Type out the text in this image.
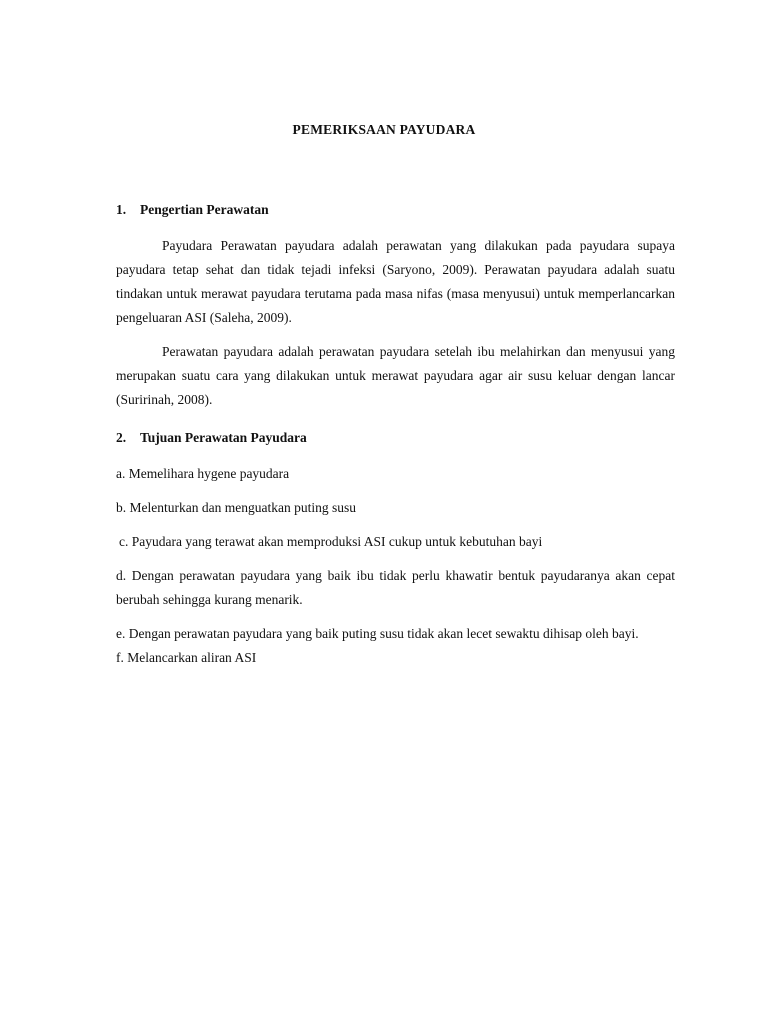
PEMERIKSAAN PAYUDARA
1.	Pengertian Perawatan

Payudara Perawatan payudara adalah perawatan yang dilakukan pada payudara supaya payudara tetap sehat dan tidak tejadi infeksi (Saryono, 2009). Perawatan payudara adalah suatu tindakan untuk merawat payudara terutama pada masa nifas (masa menyusui) untuk memperlancarkan pengeluaran ASI (Saleha, 2009).

Perawatan payudara adalah perawatan payudara setelah ibu melahirkan dan menyusui yang merupakan suatu cara yang dilakukan untuk merawat payudara agar air susu keluar dengan lancar (Suririnah, 2008).

2.	Tujuan Perawatan Payudara

a. Memelihara hygene payudara

b. Melenturkan dan menguatkan puting susu

c. Payudara yang terawat akan memproduksi ASI cukup untuk kebutuhan bayi

d. Dengan perawatan payudara yang baik ibu tidak perlu khawatir bentuk payudaranya akan cepat berubah sehingga kurang menarik.

e. Dengan perawatan payudara yang baik puting susu tidak akan lecet sewaktu dihisap oleh bayi.

f. Melancarkan aliran ASI
